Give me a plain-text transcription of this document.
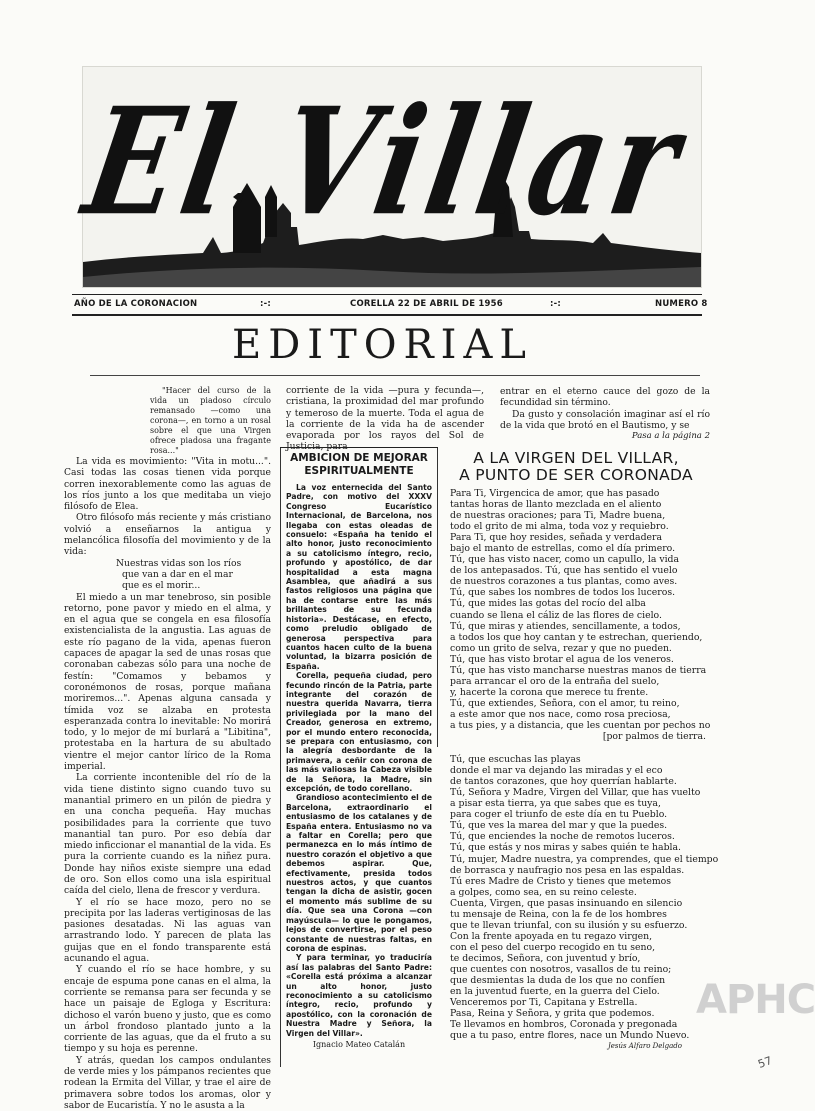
El Villar
AÑO DE LA CORONACION	:-:	CORELLA 22 DE ABRIL DE 1956	:-:	NUMERO 8
EDITORIAL

"Hacer del curso de la vida un piadoso círculo remansado —como una corona—, en torno a un rosal sobre el que una Virgen ofrece piadosa una fragante rosa..."

La vida es movimiento: "Vita in motu...". Casi todas las cosas tienen vida porque corren inexorablemente como las aguas de los ríos junto a los que meditaba un viejo filósofo de Elea.

Otro filósofo más reciente y más cristiano volvió a enseñarnos la antigua y melancólica filosofía del movimiento y de la vida:

Nuestras vidas son los ríos

que van a dar en el mar

que es el morir...

El miedo a un mar tenebroso, sin posible retorno, pone pavor y miedo en el alma, y en el agua que se congela en esa filosofía existencialista de la angustia. Las aguas de este río pagano de la vida, apenas fueron capaces de apagar la sed de unas rosas que coronaban cabezas sólo para una noche de festín: "Comamos y bebamos y coronémonos de rosas, porque mañana moriremos...". Apenas alguna cansada y tímida voz se alzaba en protesta esperanzada contra lo inevitable: No morirá todo, y lo mejor de mí burlará a "Libitina", protestaba en la hartura de su abultado vientre el mejor cantor lírico de la Roma imperial.

La corriente incontenible del río de la vida tiene distinto signo cuando tuvo su manantial primero en un pilón de piedra y en una concha pequeña. Hay muchas posibilidades para la corriente que tuvo manantial tan puro. Por eso debía dar miedo inficcionar el manantial de la vida. Es pura la corriente cuando es la niñez pura. Donde hay niños existe siempre una edad de oro. Son ellos como una isla espiritual caída del cielo, llena de frescor y verdura.

Y el río se hace mozo, pero no se precipita por las laderas vertiginosas de las pasiones desatadas. Ni las aguas van arrastrando lodo. Y parecen de plata las guijas que en el fondo transparente está acunando el agua.

Y cuando el río se hace hombre, y su encaje de espuma pone canas en el alma, la corriente se remansa para ser fecunda y se hace un paisaje de Egloga y Escritura: dichoso el varón bueno y justo, que es como un árbol frondoso plantado junto a la corriente de las aguas, que da el fruto a su tiempo y su hoja es perenne.

Y atrás, quedan los campos ondulantes de verde mies y los pámpanos recientes que rodean la Ermita del Villar, y trae el aire de primavera sobre todos los aromas, olor y sabor de Eucaristía. Y no le asusta a la

corriente de la vida —pura y fecunda—, cristiana, la proximidad del mar profundo y temeroso de la muerte. Toda el agua de la corriente de la vida ha de ascender evaporada por los rayos del Sol de Justicia, para

entrar en el eterno cauce del gozo de la fecundidad sin término.

Da gusto y consolación imaginar así el río de la vida que brotó en el Bautismo, y se

Pasa a la página 2
AMBICION DE MEJORAR ESPIRITUALMENTE

La voz enternecida del Santo Padre, con motivo del XXXV Congreso Eucarístico Internacional, de Barcelona, nos llegaba con estas oleadas de consuelo: «España ha tenido el alto honor, justo reconocimiento a su catolicismo íntegro, recio, profundo y apostólico, de dar hospitalidad a esta magna Asamblea, que añadirá a sus fastos religiosos una página que ha de contarse entre las más brillantes de su fecunda historia». Destácase, en efecto, como preludio obligado de generosa perspectiva para cuantos hacen culto de la buena voluntad, la bizarra posición de España.

Corella, pequeña ciudad, pero fecundo rincón de la Patria, parte integrante del corazón de nuestra querida Navarra, tierra privilegiada por la mano del Creador, generosa en extremo, por el mundo entero reconocida, se prepara con entusiasmo, con la alegría desbordante de la primavera, a ceñir con corona de las más valiosas la Cabeza visible de la Señora, la Madre, sin excepción, de todo corellano.

Grandioso acontecimiento el de Barcelona, extraordinario el entusiasmo de los catalanes y de España entera. Entusiasmo no va a faltar en Corella; pero que permanezca en lo más íntimo de nuestro corazón el objetivo a que debemos aspirar. Que, efectivamente, presida todos nuestros actos, y que cuantos tengan la dicha de asistir, gocen el momento más sublime de su día. Que sea una Corona —con mayúscula— lo que le pongamos, lejos de convertirse, por el peso constante de nuestras faltas, en corona de espinas.

Y para terminar, yo traduciría así las palabras del Santo Padre: «Corella está próxima a alcanzar un alto honor, justo reconocimiento a su catolicismo íntegro, recio, profundo y apostólico, con la coronación de Nuestra Madre y Señora, la Virgen del Villar».

Ignacio Mateo Catalán
A LA VIRGEN DEL VILLAR,
A PUNTO DE SER CORONADA
Para Ti, Virgencica de amor, que has pasado
tantas horas de llanto mezclada en el aliento
de nuestras oraciones; para Ti, Madre buena,
todo el grito de mi alma, toda voz y requiebro.
Para Ti, que hoy resides, señada y verdadera
bajo el manto de estrellas, como el día primero.
Tú, que has visto nacer, como un capullo, la vida
de los antepasados. Tú, que has sentido el vuelo
de nuestros corazones a tus plantas, como aves.
Tú, que sabes los nombres de todos los luceros.
Tú, que mides las gotas del rocío del alba
cuando se llena el cáliz de las flores de cielo.
Tú, que miras y atiendes, sencillamente, a todos,
a todos los que hoy cantan y te estrechan, queriendo,
como un grito de selva, rezar y que no pueden.
Tú, que has visto brotar el agua de los veneros.
Tú, que has visto mancharse nuestras manos de tierra
para arrancar el oro de la entraña del suelo,
y, hacerte la corona que merece tu frente.
Tú, que extiendes, Señora, con el amor, tu reino,
a este amor que nos nace, como rosa preciosa,
a tus pies, y a distancia, que les cuentan por pechos no
[por palmos de tierra.
Tú, que escuchas las playas
donde el mar va dejando las miradas y el eco
de tantos corazones, que hoy querrían hablarte.
Tú, Señora y Madre, Virgen del Villar, que has vuelto
a pisar esta tierra, ya que sabes que es tuya,
para coger el triunfo de este día en tu Pueblo.
Tú, que ves la marea del mar y que la puedes.
Tú, que enciendes la noche de remotos luceros.
Tú, que estás y nos miras y sabes quién te habla.
Tú, mujer, Madre nuestra, ya comprendes, que el tiempo
de borrasca y naufragio nos pesa en las espaldas.
Tú eres Madre de Cristo y tienes que metemos
a golpes, como sea, en su reino celeste.
Cuenta, Virgen, que pasas insinuando en silencio
tu mensaje de Reina, con la fe de los hombres
que te llevan triunfal, con su ilusión y su esfuerzo.
Con la frente apoyada en tu regazo virgen,
con el peso del cuerpo recogido en tu seno,
te decimos, Señora, con juventud y brío,
que cuentes con nosotros, vasallos de tu reino;
que desmientas la duda de los que no confíen
en la juventud fuerte, en la guerra del Cielo.
Venceremos por Ti, Capitana y Estrella.
Pasa, Reina y Señora, y grita que podemos.
Te llevamos en hombros, Coronada y pregonada
que a tu paso, entre flores, nace un Mundo Nuevo.
Jesús Alfaro Delgado
APHC
57
